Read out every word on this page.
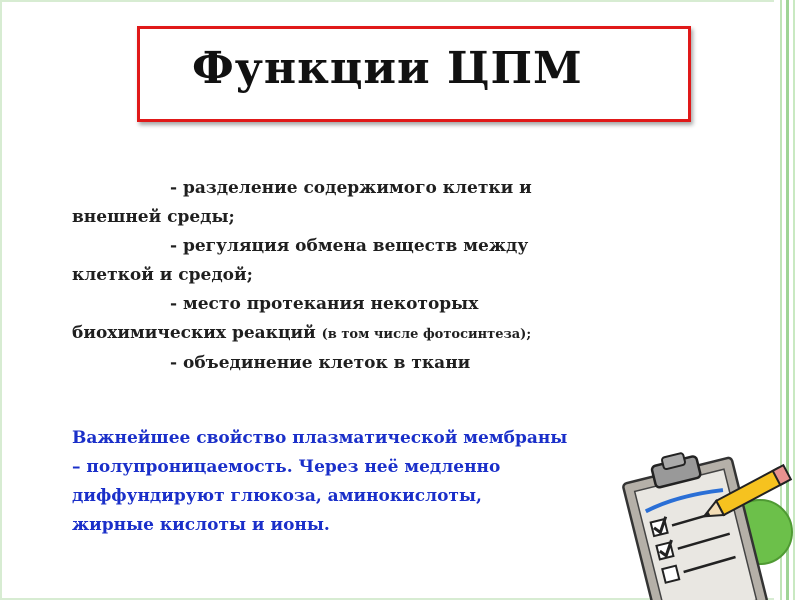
Функции ЦПМ
- разделение содержимого клетки и
внешней среды;
- регуляция обмена веществ между
клеткой и средой;
- место протекания некоторых
биохимических реакций (в том числе фотосинтеза);
- объединение клеток в ткани
Важнейшее свойство плазматической мембраны
– полупроницаемость. Через неё медленно
диффундируют глюкоза, аминокислоты,
жирные кислоты и ионы.
